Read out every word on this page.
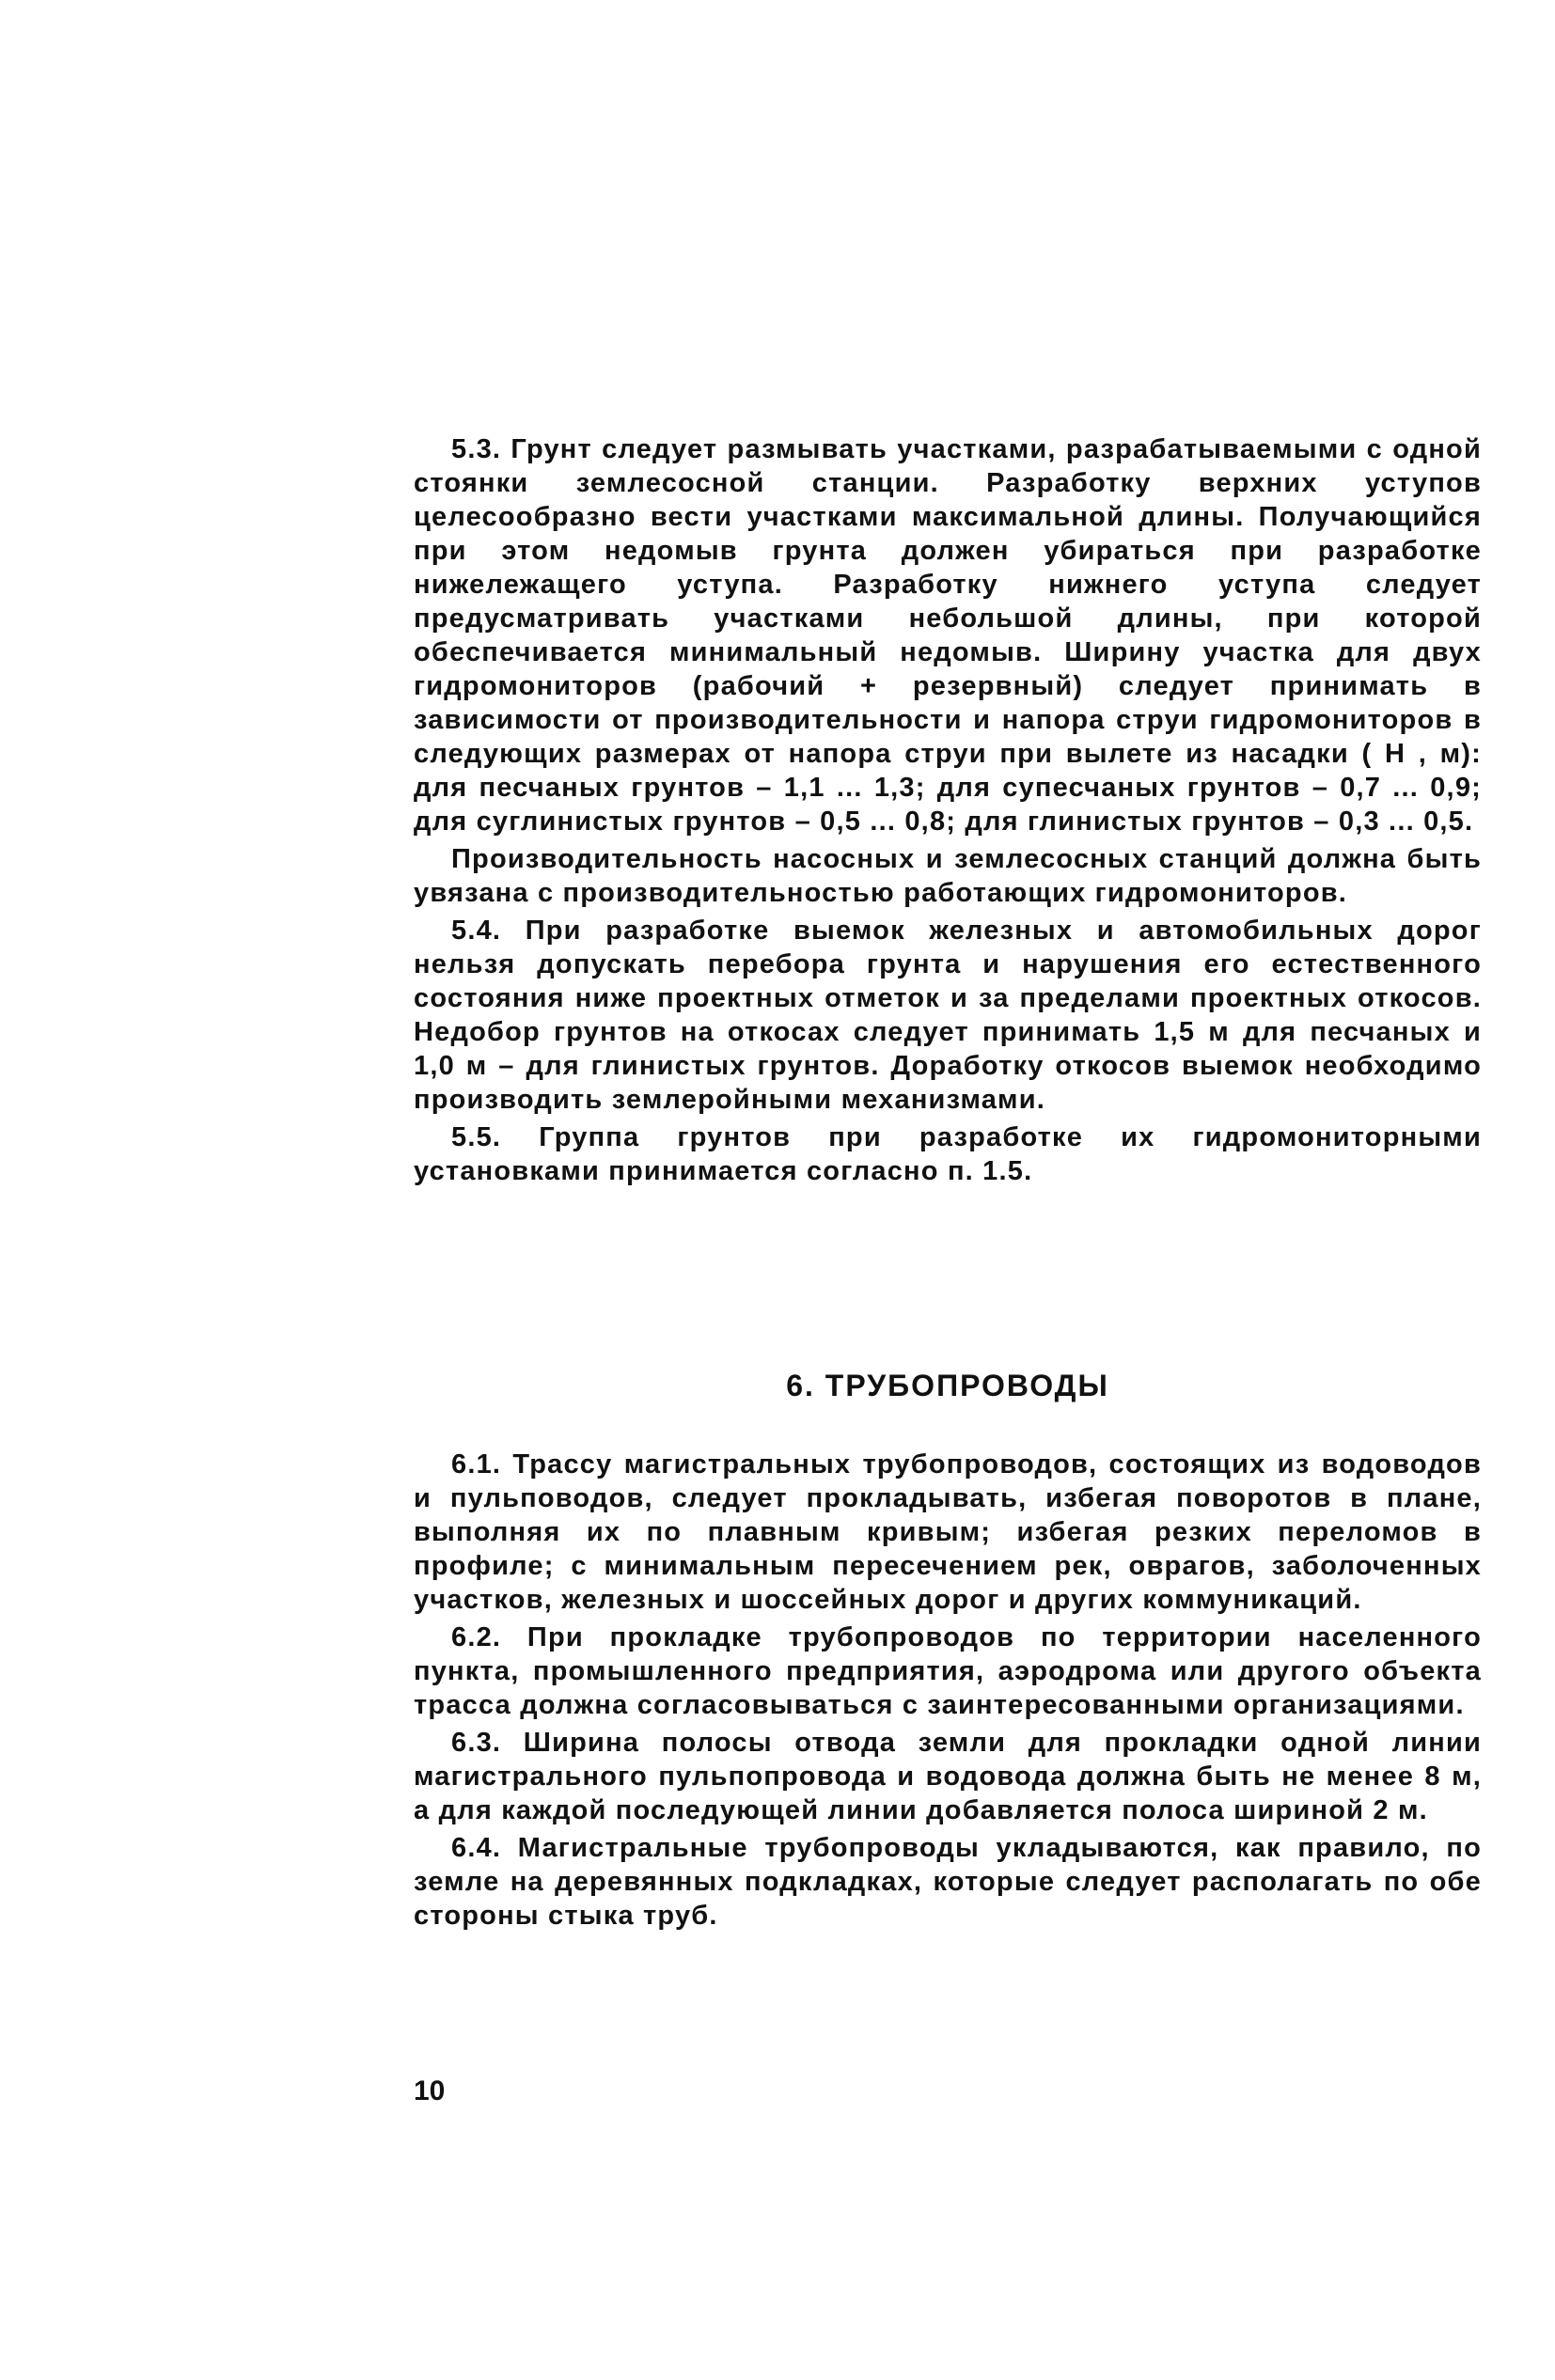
5.3. Грунт следует размывать участками, разрабатываемыми с одной стоянки землесосной станции. Разработку верхних уступов целесообразно вести участками максимальной длины. Получающийся при этом недомыв грунта должен убираться при разработке нижележащего уступа. Разработку нижнего уступа следует предусматривать участками небольшой длины, при которой обеспечивается минимальный недомыв. Ширину участка для двух гидромониторов (рабочий + резервный) следует принимать в зависимости от производительности и напора струи гидромониторов в следующих размерах от напора струи при вылете из насадки ( Н , м): для песчаных грунтов – 1,1 ... 1,3; для супесчаных грунтов – 0,7 ... 0,9; для суглинистых грунтов – 0,5 ... 0,8; для глинистых грунтов – 0,3 ... 0,5.

Производительность насосных и землесосных станций должна быть увязана с производительностью работающих гидромониторов.

5.4. При разработке выемок железных и автомобильных дорог нельзя допускать перебора грунта и нарушения его естественного состояния ниже проектных отметок и за пределами проектных откосов. Недобор грунтов на откосах следует принимать 1,5 м для песчаных и 1,0 м – для глинистых грунтов. Доработку откосов выемок необходимо производить землеройными механизмами.

5.5. Группа грунтов при разработке их гидромониторными установками принимается согласно п. 1.5.

6. ТРУБОПРОВОДЫ

6.1. Трассу магистральных трубопроводов, состоящих из водоводов и пульповодов, следует прокладывать, избегая поворотов в плане, выполняя их по плавным кривым; избегая резких переломов в профиле; с минимальным пересечением рек, оврагов, заболоченных участков, железных и шоссейных дорог и других коммуникаций.

6.2. При прокладке трубопроводов по территории населенного пункта, промышленного предприятия, аэродрома или другого объекта трасса должна согласовываться с заинтересованными организациями.

6.3. Ширина полосы отвода земли для прокладки одной линии магистрального пульпопровода и водовода должна быть не менее 8 м, а для каждой последующей линии добавляется полоса шириной 2 м.

6.4. Магистральные трубопроводы укладываются, как правило, по земле на деревянных подкладках, которые следует располагать по обе стороны стыка труб.

10
